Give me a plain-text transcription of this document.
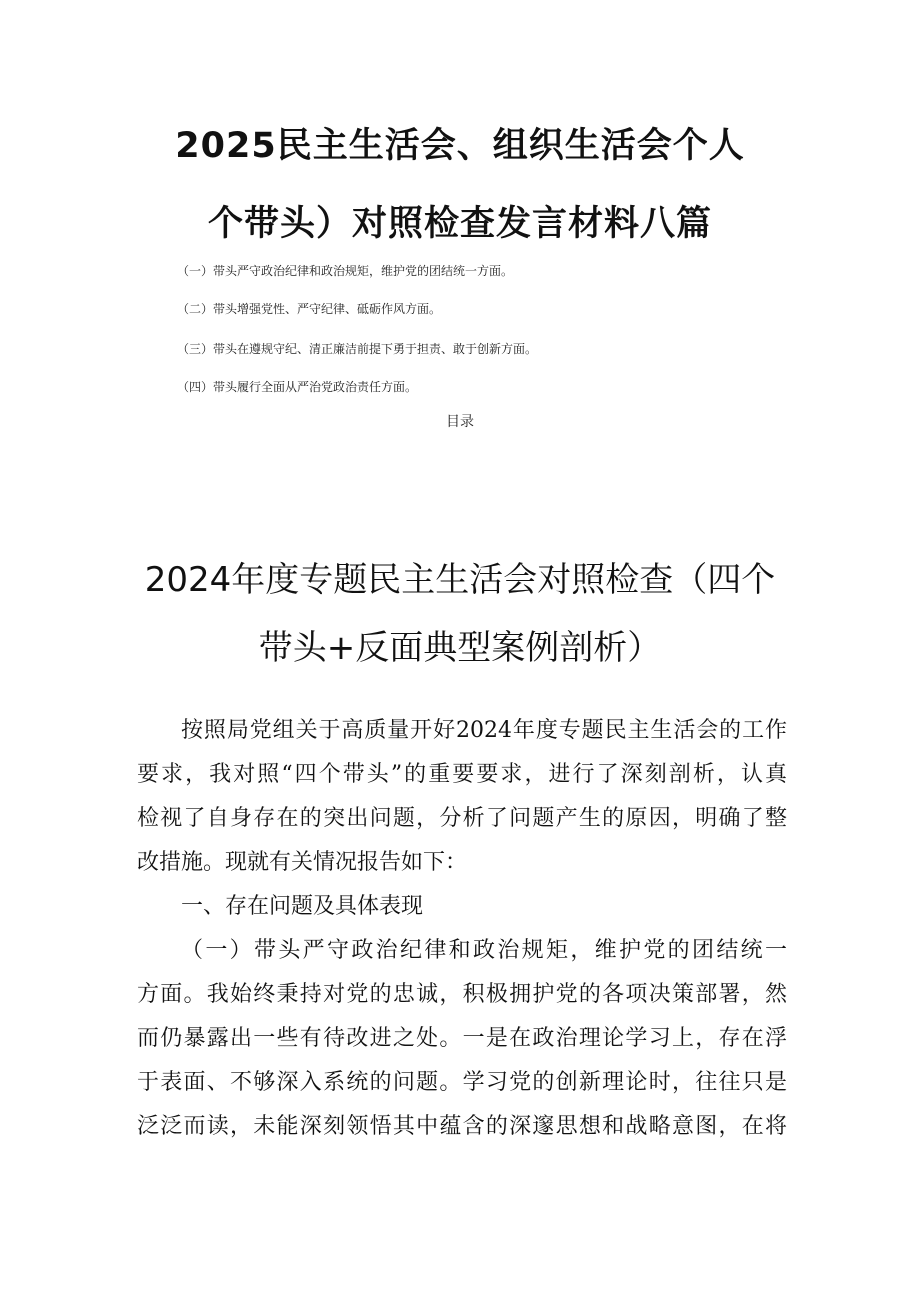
2025民主生活会、组织生活会个人
个带头）对照检查发言材料八篇
（一）带头严守政治纪律和政治规矩，维护党的团结统一方面。
（二）带头增强党性、严守纪律、砥砺作风方面。
（三）带头在遵规守纪、清正廉洁前提下勇于担责、敢于创新方面。
（四）带头履行全面从严治党政治责任方面。
目录
2024年度专题民主生活会对照检查（四个
带头+反面典型案例剖析）
按照局党组关于高质量开好2024年度专题民主生活会的工作
要求，我对照“四个带头”的重要要求，进行了深刻剖析，认真
检视了自身存在的突出问题，分析了问题产生的原因，明确了整
改措施。现就有关情况报告如下：
一、存在问题及具体表现
（一）带头严守政治纪律和政治规矩，维护党的团结统一
方面。我始终秉持对党的忠诚，积极拥护党的各项决策部署，然
而仍暴露出一些有待改进之处。一是在政治理论学习上，存在浮
于表面、不够深入系统的问题。学习党的创新理论时，往往只是
泛泛而读，未能深刻领悟其中蕴含的深邃思想和战略意图，在将
